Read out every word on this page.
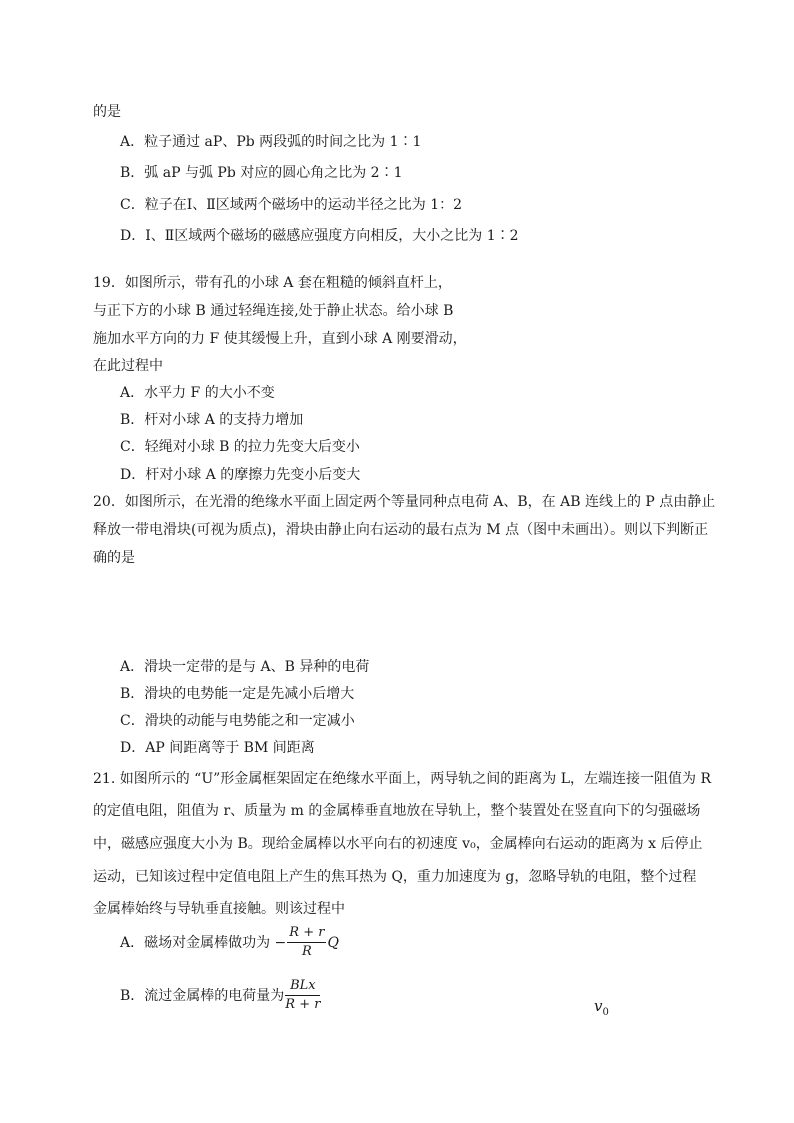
的是
A．粒子通过 aP、Pb 两段弧的时间之比为 1∶1
B．弧 aP 与弧 Pb 对应的圆心角之比为 2∶1
C．粒子在Ⅰ、Ⅱ区域两个磁场中的运动半径之比为 1：2
D．Ⅰ、Ⅱ区域两个磁场的磁感应强度方向相反，大小之比为 1∶2
19．如图所示，带有孔的小球 A 套在粗糙的倾斜直杆上，
与正下方的小球 B 通过轻绳连接,处于静止状态。给小球 B
施加水平方向的力 F 使其缓慢上升，直到小球 A 刚要滑动，
在此过程中
A．水平力 F 的大小不变
B．杆对小球 A 的支持力增加
C．轻绳对小球 B 的拉力先变大后变小
D．杆对小球 A 的摩擦力先变小后变大
20．如图所示，在光滑的绝缘水平面上固定两个等量同种点电荷 A、B，在 AB 连线上的 P 点由静止
释放一带电滑块(可视为质点)，滑块由静止向右运动的最右点为 M 点（图中未画出）。则以下判断正
确的是
A．滑块一定带的是与 A、B 异种的电荷
B．滑块的电势能一定是先减小后增大
C．滑块的动能与电势能之和一定减小
D．AP 间距离等于 BM 间距离
21. 如图所示的 “U”形金属框架固定在绝缘水平面上，两导轨之间的距离为 L，左端连接一阻值为 R
的定值电阻，阻值为 r、质量为 m 的金属棒垂直地放在导轨上，整个装置处在竖直向下的匀强磁场
中，磁感应强度大小为 B。现给金属棒以水平向右的初速度 v₀，金属棒向右运动的距离为 x 后停止
运动，已知该过程中定值电阻上产生的焦耳热为 Q，重力加速度为 g，忽略导轨的电阻，整个过程
金属棒始终与导轨垂直接触。则该过程中
A．磁场对金属棒做功为 − $\frac{R + r}{R}$ Q
B．流过金属棒的电荷量为 $\frac{\text{BLx}}{R + r}$	$v_0$
